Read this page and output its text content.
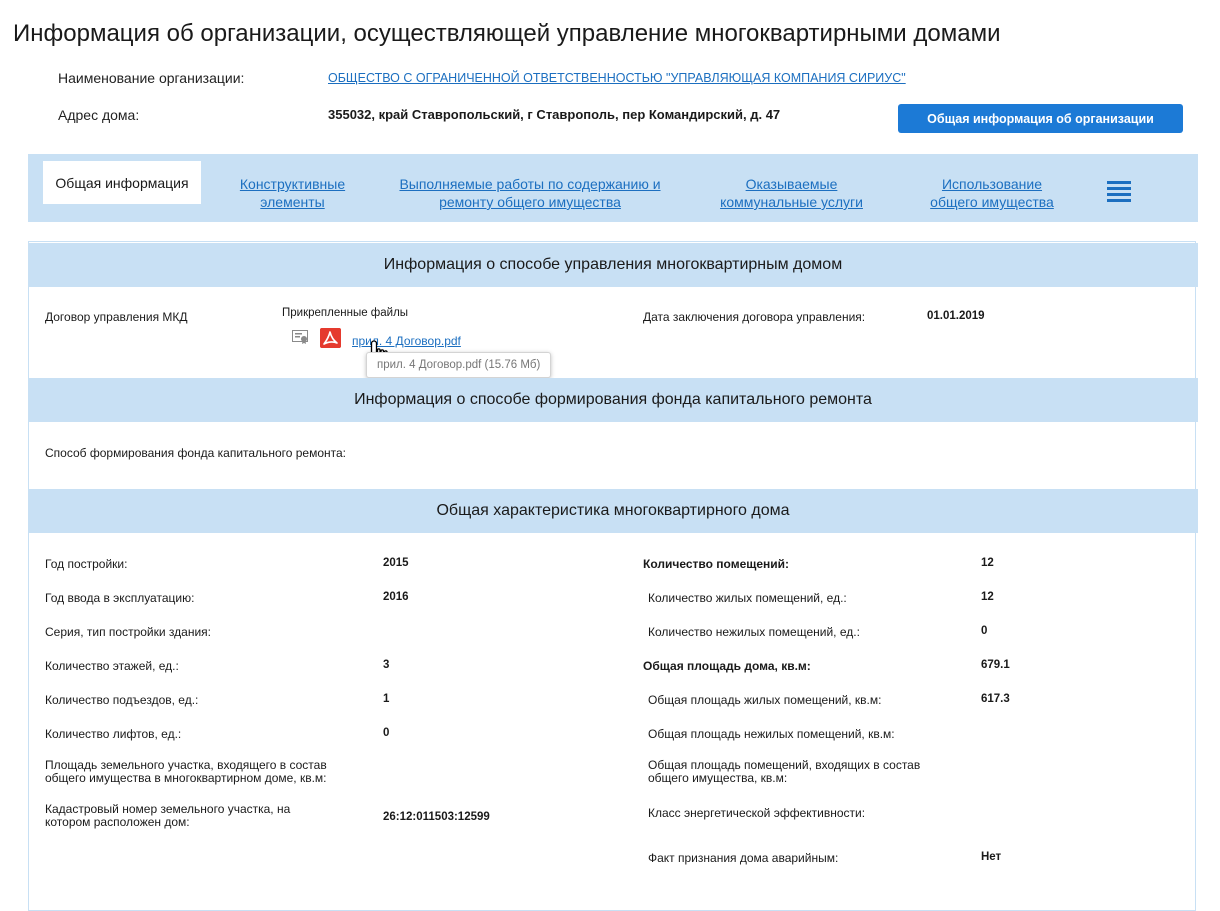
Информация об организации, осуществляющей управление многоквартирными домами
Наименование организации:	ОБЩЕСТВО С ОГРАНИЧЕННОЙ ОТВЕТСТВЕННОСТЬЮ "УПРАВЛЯЮЩАЯ КОМПАНИЯ СИРИУС"
Адрес дома:	355032, край Ставропольский, г Ставрополь, пер Командирский, д. 47	Общая информация об организации
Общая информация	Конструктивные
элементы
Выполняемые работы по содержанию и
ремонту общего имущества
Оказываемые
коммунальные услуги
Использование
общего имущества
Информация о способе управления многоквартирным домом
Договор управления МКД	Прикрепленные файлы
прил. 4 Договор.pdf
прил. 4 Договор.pdf (15.76 Мб)
Дата заключения договора управления:	01.01.2019
Информация о способе формирования фонда капитального ремонта
Способ формирования фонда капитального ремонта:
Общая характеристика многоквартирного дома
Год постройки:	2015
Год ввода в эксплуатацию:	2016
Серия, тип постройки здания:
Количество этажей, ед.:	3
Количество подъездов, ед.:	1
Количество лифтов, ед.:	0
Площадь земельного участка, входящего в состав общего имущества в многоквартирном доме, кв.м:
Кадастровый номер земельного участка, на котором расположен дом:	26:12:011503:12599
Количество помещений:	12
Количество жилых помещений, ед.:	12
Количество нежилых помещений, ед.:	0
Общая площадь дома, кв.м:	679.1
Общая площадь жилых помещений, кв.м:	617.3
Общая площадь нежилых помещений, кв.м:
Общая площадь помещений, входящих в состав общего имущества, кв.м:
Класс энергетической эффективности:
Факт признания дома аварийным:	Нет
